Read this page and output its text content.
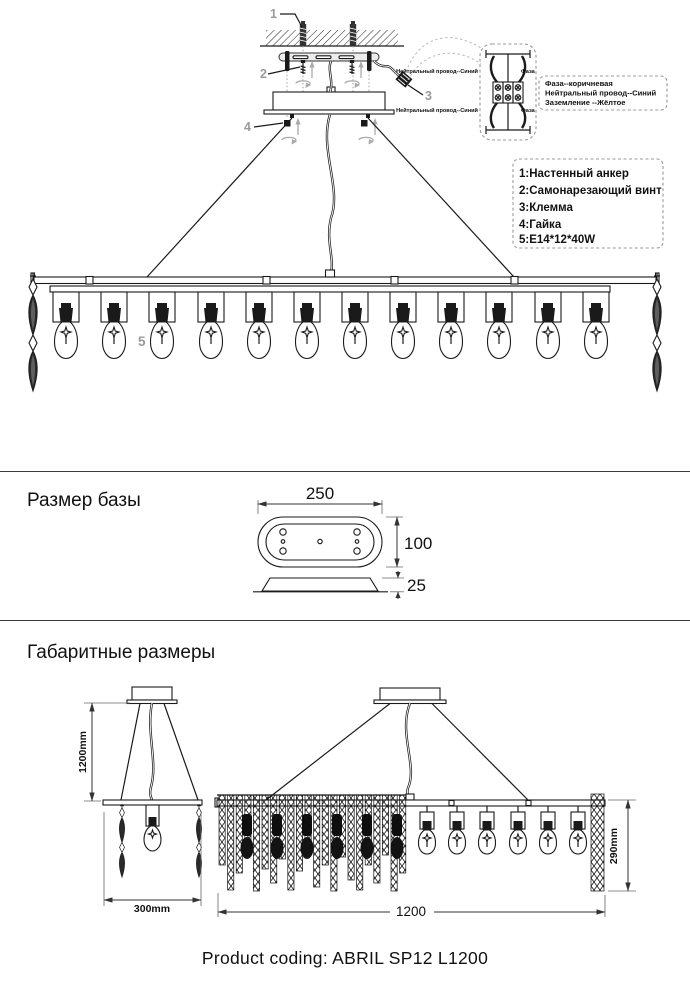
1
2
3
Нейтральный провод--Синий	Фаза
Нейтральный провод--Синий	Фаза
Фаза--коричневая
Нейтральный провод--Синий
Заземление --Жёлтое
4
1:Настенный анкер
2:Самонарезающий винт
3:Клемма
4:Гайка
5:E14*12*40W
5
Размер базы	250
100
25
Габаритные размеры
1200mm
300mm
290mm
1200
Product coding: ABRIL SP12 L1200
